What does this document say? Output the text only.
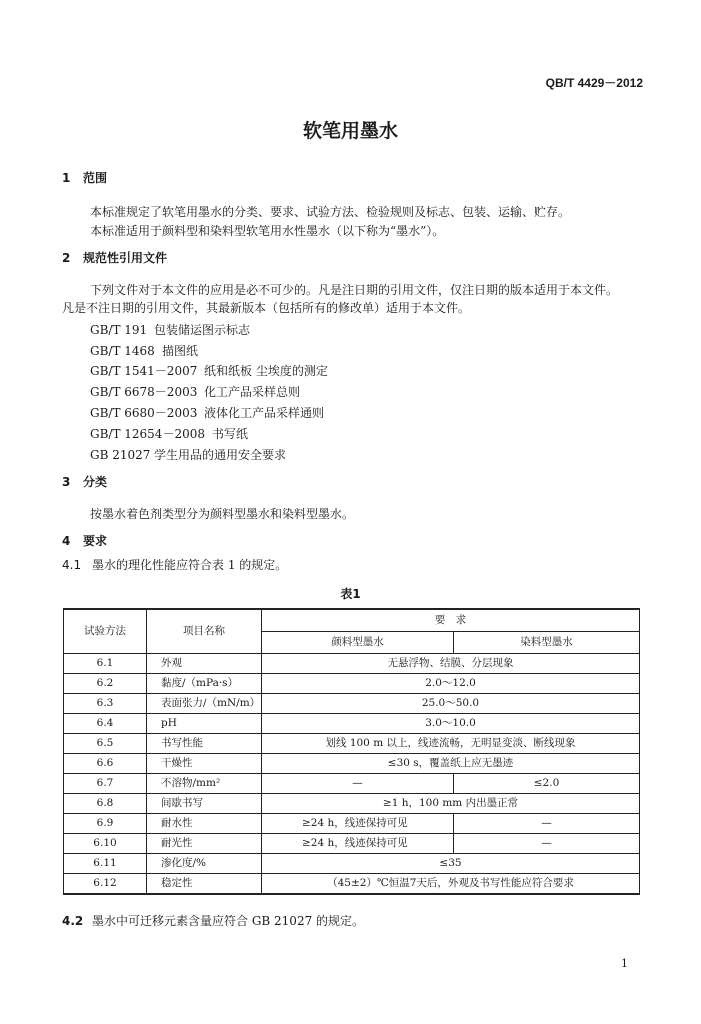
QB/T 4429－2012
软笔用墨水
1 范围
本标准规定了软笔用墨水的分类、要求、试验方法、检验规则及标志、包装、运输、贮存。
本标准适用于颜料型和染料型软笔用水性墨水（以下称为“墨水”）。
2 规范性引用文件
下列文件对于本文件的应用是必不可少的。凡是注日期的引用文件，仅注日期的版本适用于本文件。
凡是不注日期的引用文件，其最新版本（包括所有的修改单）适用于本文件。
GB/T 191 包装储运图示标志
GB/T 1468 描图纸
GB/T 1541－2007 纸和纸板 尘埃度的测定
GB/T 6678－2003 化工产品采样总则
GB/T 6680－2003 液体化工产品采样通则
GB/T 12654－2008 书写纸
GB 21027 学生用品的通用安全要求
3 分类
按墨水着色剂类型分为颜料型墨水和染料型墨水。
4 要求
4.1 墨水的理化性能应符合表 1 的规定。
表1
试验方法	项目名称	要　求	
		颜料型墨水	染料型墨水
6.1	外观	无悬浮物、结膜、分层现象	
6.2	黏度/（mPa·s）	2.0～12.0	
6.3	表面张力/（mN/m）	25.0～50.0	
6.4	pH	3.0～10.0	
6.5	书写性能	划线 100 m 以上，线迹流畅，无明显变淡、断线现象	
6.6	干燥性	≤30 s，覆盖纸上应无墨迹	
6.7	不溶物/mm²	—	≤2.0
6.8	间歇书写	≥1 h，100 mm 内出墨正常	
6.9	耐水性	≥24 h，线迹保持可见	—
6.10	耐光性	≥24 h，线迹保持可见	—
6.11	渗化度/%	≤35	
6.12	稳定性	（45±2）℃恒温7天后，外观及书写性能应符合要求	
4.2 墨水中可迁移元素含量应符合 GB 21027 的规定。
1
